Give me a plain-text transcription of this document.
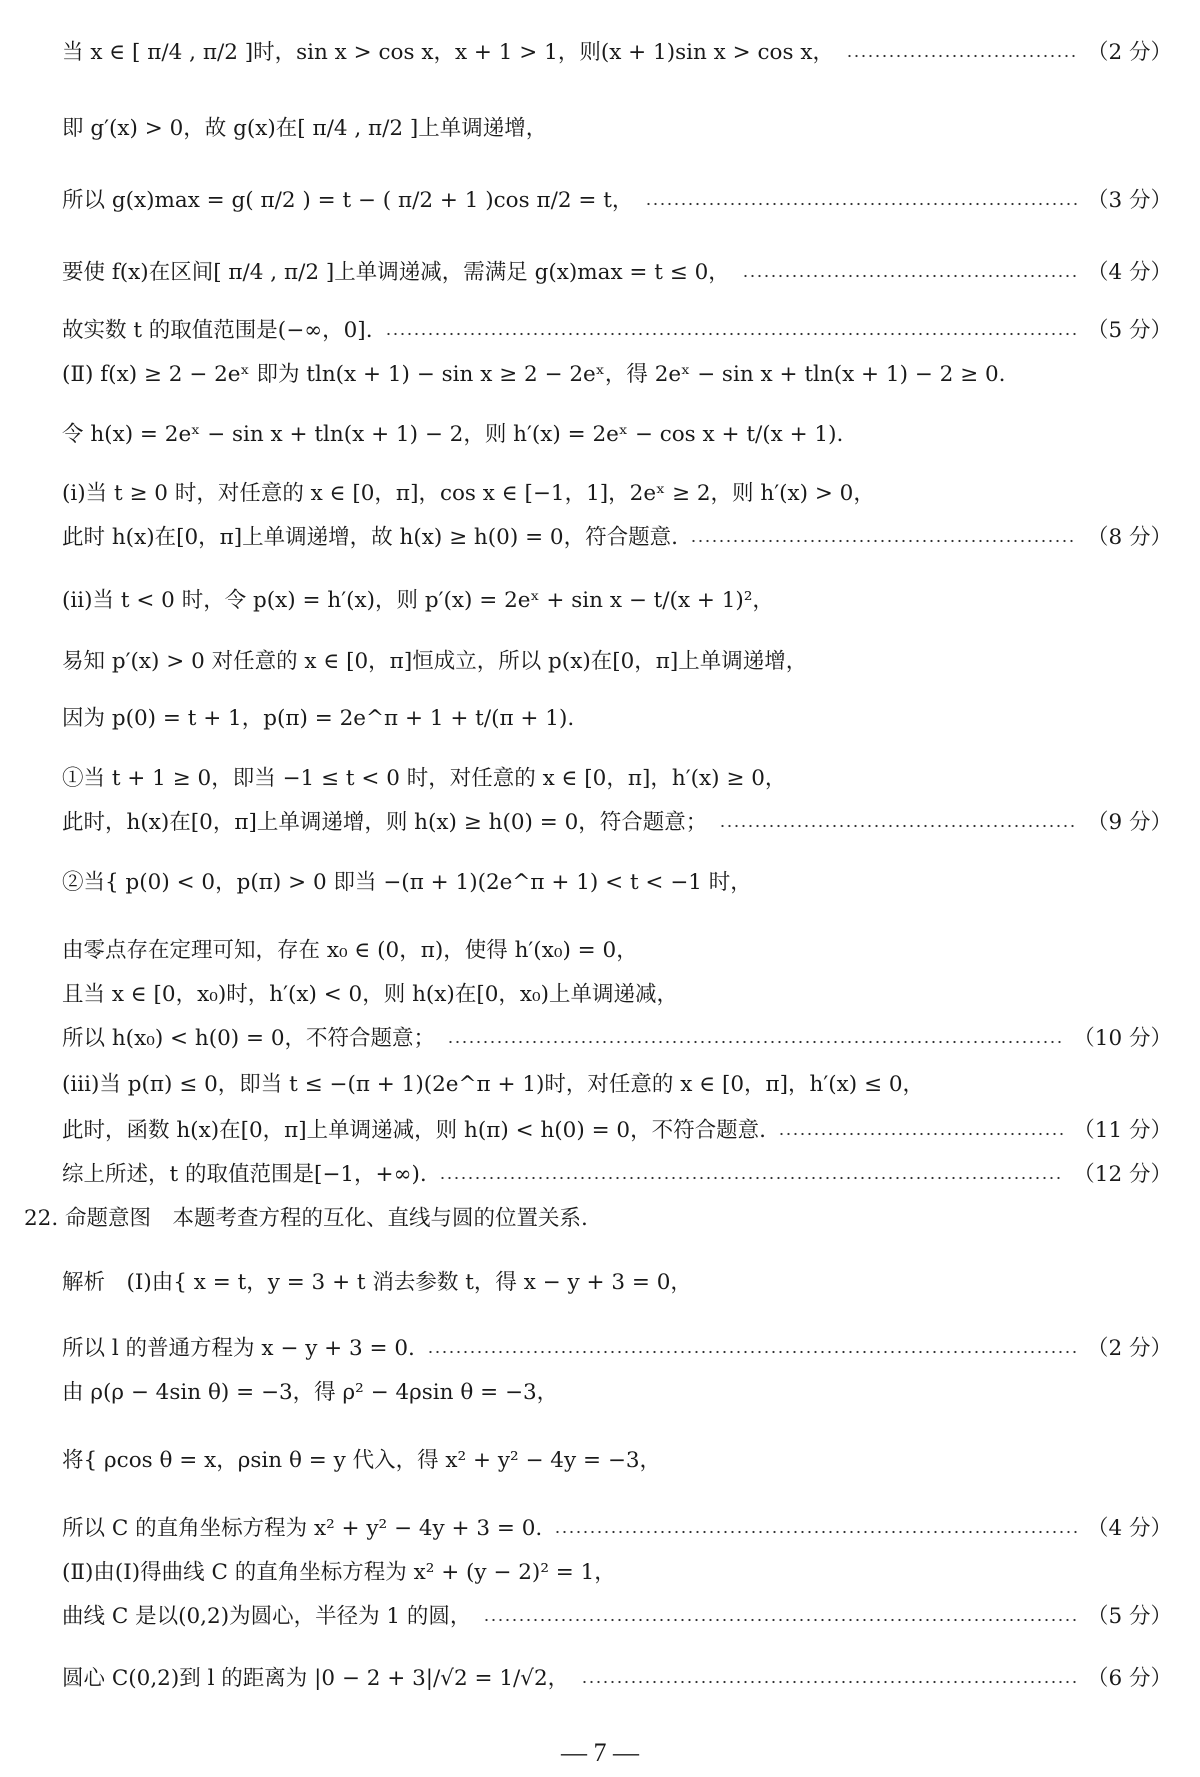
当 x ∈ [ π/4 , π/2 ]时，sin x > cos x，x + 1 > 1，则(x + 1)sin x > cos x，	（2 分）
即 g′(x) > 0，故 g(x)在[ π/4 , π/2 ]上单调递增，
所以 g(x)max = g( π/2 ) = t − ( π/2 + 1 )cos π/2 = t，	（3 分）
要使 f(x)在区间[ π/4 , π/2 ]上单调递减，需满足 g(x)max = t ≤ 0，	（4 分）
故实数 t 的取值范围是(−∞，0].	（5 分）
(Ⅱ) f(x) ≥ 2 − 2eˣ 即为 tln(x + 1) − sin x ≥ 2 − 2eˣ，得 2eˣ − sin x + tln(x + 1) − 2 ≥ 0.
令 h(x) = 2eˣ − sin x + tln(x + 1) − 2，则 h′(x) = 2eˣ − cos x + t/(x + 1).
(ⅰ)当 t ≥ 0 时，对任意的 x ∈ [0，π]，cos x ∈ [−1，1]，2eˣ ≥ 2，则 h′(x) > 0，
此时 h(x)在[0，π]上单调递增，故 h(x) ≥ h(0) = 0，符合题意.	（8 分）
(ⅱ)当 t < 0 时，令 p(x) = h′(x)，则 p′(x) = 2eˣ + sin x − t/(x + 1)²，
易知 p′(x) > 0 对任意的 x ∈ [0，π]恒成立，所以 p(x)在[0，π]上单调递增，
因为 p(0) = t + 1，p(π) = 2e^π + 1 + t/(π + 1).
①当 t + 1 ≥ 0，即当 −1 ≤ t < 0 时，对任意的 x ∈ [0，π]，h′(x) ≥ 0，
此时，h(x)在[0，π]上单调递增，则 h(x) ≥ h(0) = 0，符合题意；	（9 分）
②当{ p(0) < 0，p(π) > 0 即当 −(π + 1)(2e^π + 1) < t < −1 时，
由零点存在定理可知，存在 x₀ ∈ (0，π)，使得 h′(x₀) = 0，
且当 x ∈ [0，x₀)时，h′(x) < 0，则 h(x)在[0，x₀)上单调递减，
所以 h(x₀) < h(0) = 0，不符合题意；	（10 分）
(ⅲ)当 p(π) ≤ 0，即当 t ≤ −(π + 1)(2e^π + 1)时，对任意的 x ∈ [0，π]，h′(x) ≤ 0，
此时，函数 h(x)在[0，π]上单调递减，则 h(π) < h(0) = 0，不符合题意.	（11 分）
综上所述，t 的取值范围是[−1，+∞).	（12 分）
22. 命题意图　本题考查方程的互化、直线与圆的位置关系.
解析　(Ⅰ)由{ x = t，y = 3 + t 消去参数 t，得 x − y + 3 = 0，
所以 l 的普通方程为 x − y + 3 = 0.	（2 分）
由 ρ(ρ − 4sin θ) = −3，得 ρ² − 4ρsin θ = −3，
将{ ρcos θ = x，ρsin θ = y 代入，得 x² + y² − 4y = −3，
所以 C 的直角坐标方程为 x² + y² − 4y + 3 = 0.	（4 分）
(Ⅱ)由(Ⅰ)得曲线 C 的直角坐标方程为 x² + (y − 2)² = 1，
曲线 C 是以(0,2)为圆心，半径为 1 的圆，	（5 分）
圆心 C(0,2)到 l 的距离为 |0 − 2 + 3|/√2 = 1/√2，	（6 分）
— 7 —
